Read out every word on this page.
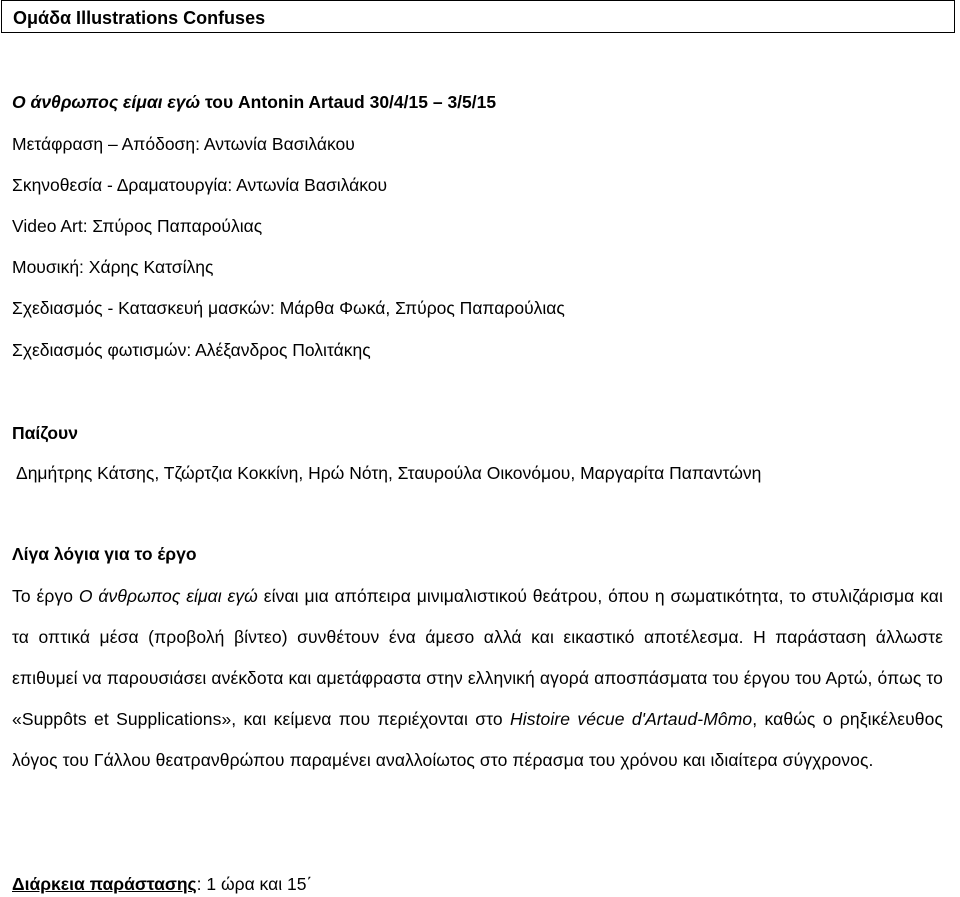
Ομάδα Illustrations Confuses
Ο άνθρωπος είμαι εγώ του Antonin Artaud 30/4/15 – 3/5/15
Μετάφραση – Απόδοση: Αντωνία Βασιλάκου
Σκηνοθεσία - Δραματουργία: Αντωνία Βασιλάκου
Video Art: Σπύρος Παπαρούλιας
Μουσική: Χάρης Κατσίλης
Σχεδιασμός - Κατασκευή μασκών: Μάρθα Φωκά, Σπύρος Παπαρούλιας
Σχεδιασμός φωτισμών: Αλέξανδρος Πολιτάκης
Παίζουν
Δημήτρης Κάτσης, Τζώρτζια Κοκκίνη, Ηρώ Νότη, Σταυρούλα Οικονόμου, Μαργαρίτα Παπαντώνη
Λίγα λόγια για το έργο
Το έργο Ο άνθρωπος είμαι εγώ είναι μια απόπειρα μινιμαλιστικού θεάτρου, όπου η σωματικότητα, το στυλιζάρισμα και τα οπτικά μέσα (προβολή βίντεο) συνθέτουν ένα άμεσο αλλά και εικαστικό αποτέλεσμα. Η παράσταση άλλωστε επιθυμεί να παρουσιάσει ανέκδοτα και αμετάφραστα στην ελληνική αγορά αποσπάσματα του έργου του Αρτώ, όπως το «Suppôts et Supplications», και κείμενα που περιέχονται στο Histoire vécue d'Artaud-Mômo, καθώς ο ρηξικέλευθος λόγος του Γάλλου θεατρανθρώπου παραμένει αναλλοίωτος στο πέρασμα του χρόνου και ιδιαίτερα σύγχρονος.
Διάρκεια παράστασης: 1 ώρα και 15΄
